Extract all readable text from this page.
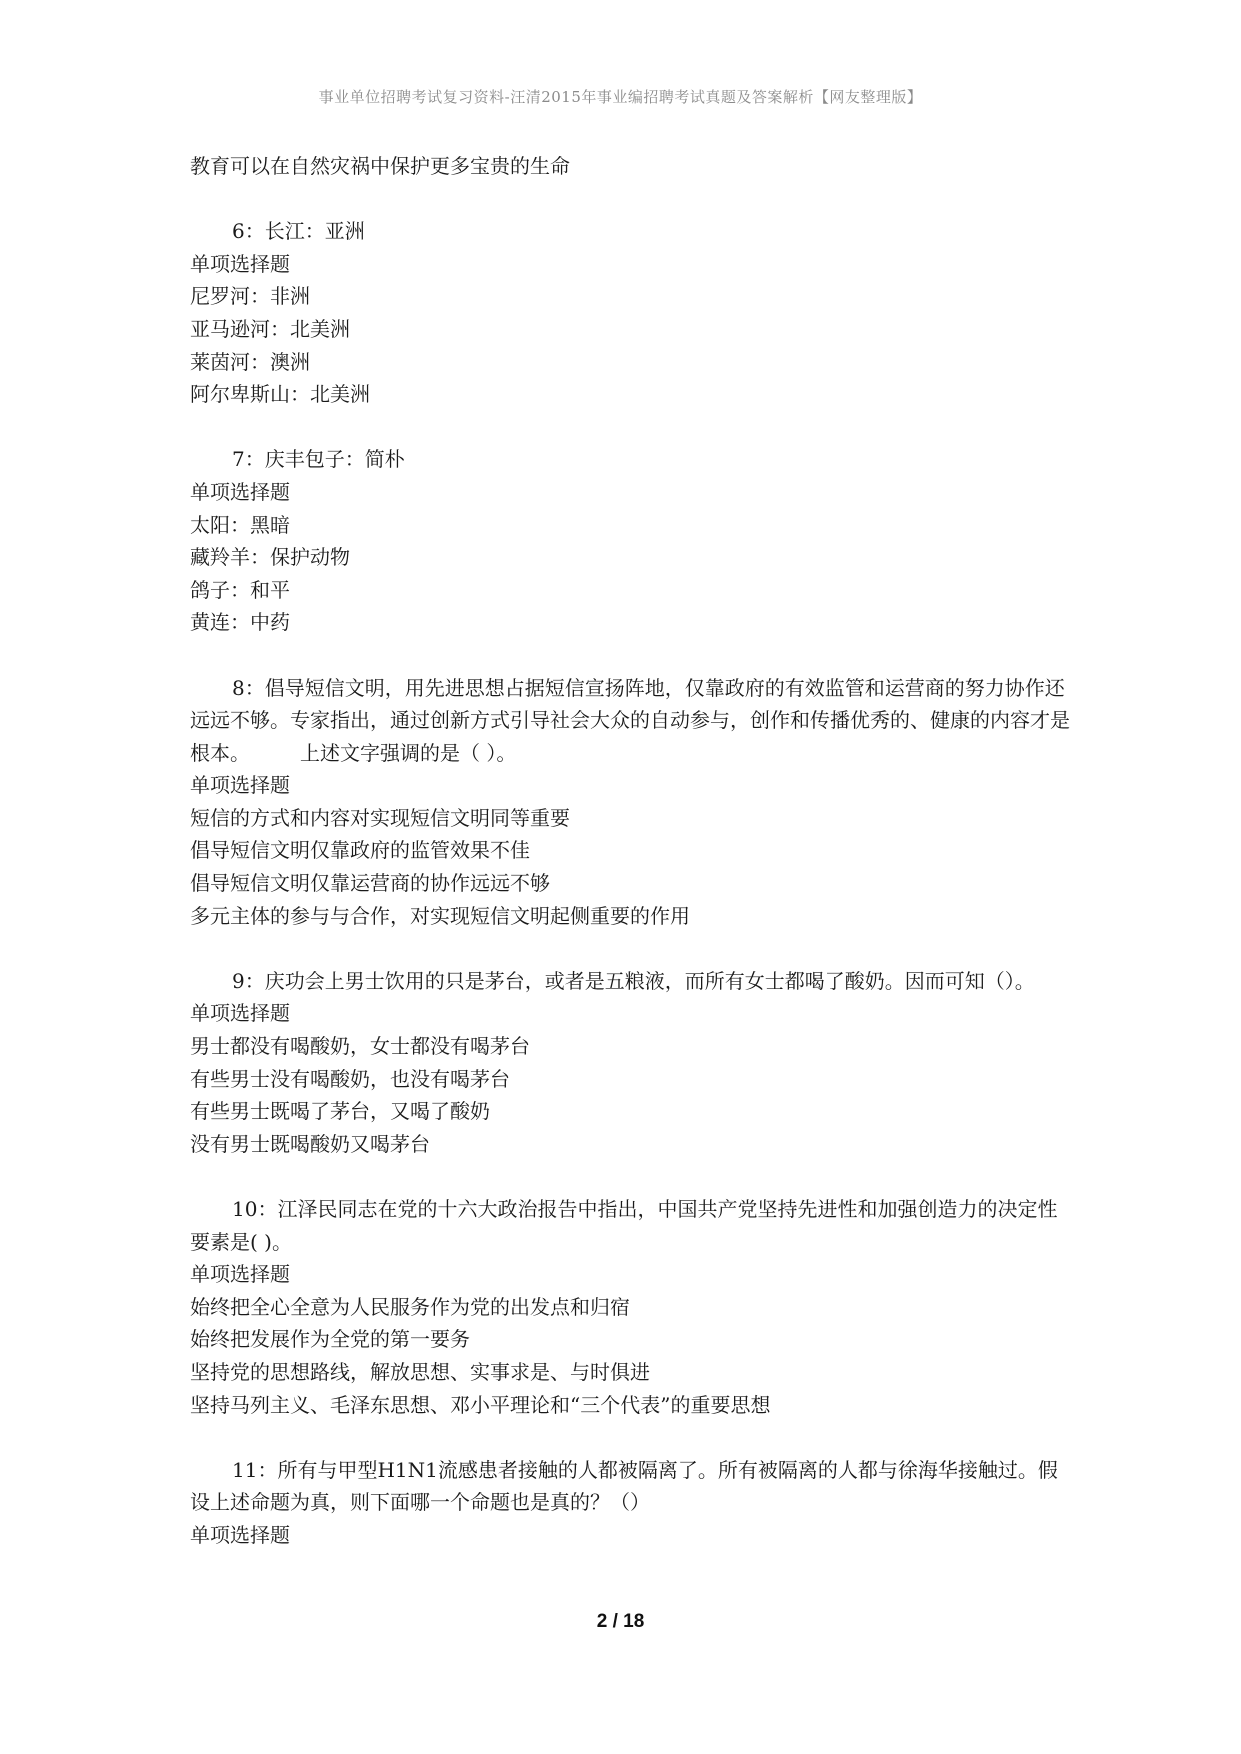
事业单位招聘考试复习资料-汪清2015年事业编招聘考试真题及答案解析【网友整理版】
教育可以在自然灾祸中保护更多宝贵的生命
6：长江：亚洲
单项选择题
尼罗河：非洲
亚马逊河：北美洲
莱茵河：澳洲
阿尔卑斯山：北美洲
7：庆丰包子：简朴
单项选择题
太阳：黑暗
藏羚羊：保护动物
鸽子：和平
黄连：中药
8：倡导短信文明，用先进思想占据短信宣扬阵地，仅靠政府的有效监管和运营商的努力协作还远远不够。专家指出，通过创新方式引导社会大众的自动参与，创作和传播优秀的、健康的内容才是根本。　　　上述文字强调的是（ ）。
单项选择题
短信的方式和内容对实现短信文明同等重要
倡导短信文明仅靠政府的监管效果不佳
倡导短信文明仅靠运营商的协作远远不够
多元主体的参与与合作，对实现短信文明起侧重要的作用
9：庆功会上男士饮用的只是茅台，或者是五粮液，而所有女士都喝了酸奶。因而可知（）。
单项选择题
男士都没有喝酸奶，女士都没有喝茅台
有些男士没有喝酸奶，也没有喝茅台
有些男士既喝了茅台，又喝了酸奶
没有男士既喝酸奶又喝茅台
10：江泽民同志在党的十六大政治报告中指出，中国共产党坚持先进性和加强创造力的决定性要素是( )。
单项选择题
始终把全心全意为人民服务作为党的出发点和归宿
始终把发展作为全党的第一要务
坚持党的思想路线，解放思想、实事求是、与时俱进
坚持马列主义、毛泽东思想、邓小平理论和“三个代表”的重要思想
11：所有与甲型H1N1流感患者接触的人都被隔离了。所有被隔离的人都与徐海华接触过。假设上述命题为真，则下面哪一个命题也是真的？（）
单项选择题
2 / 18
